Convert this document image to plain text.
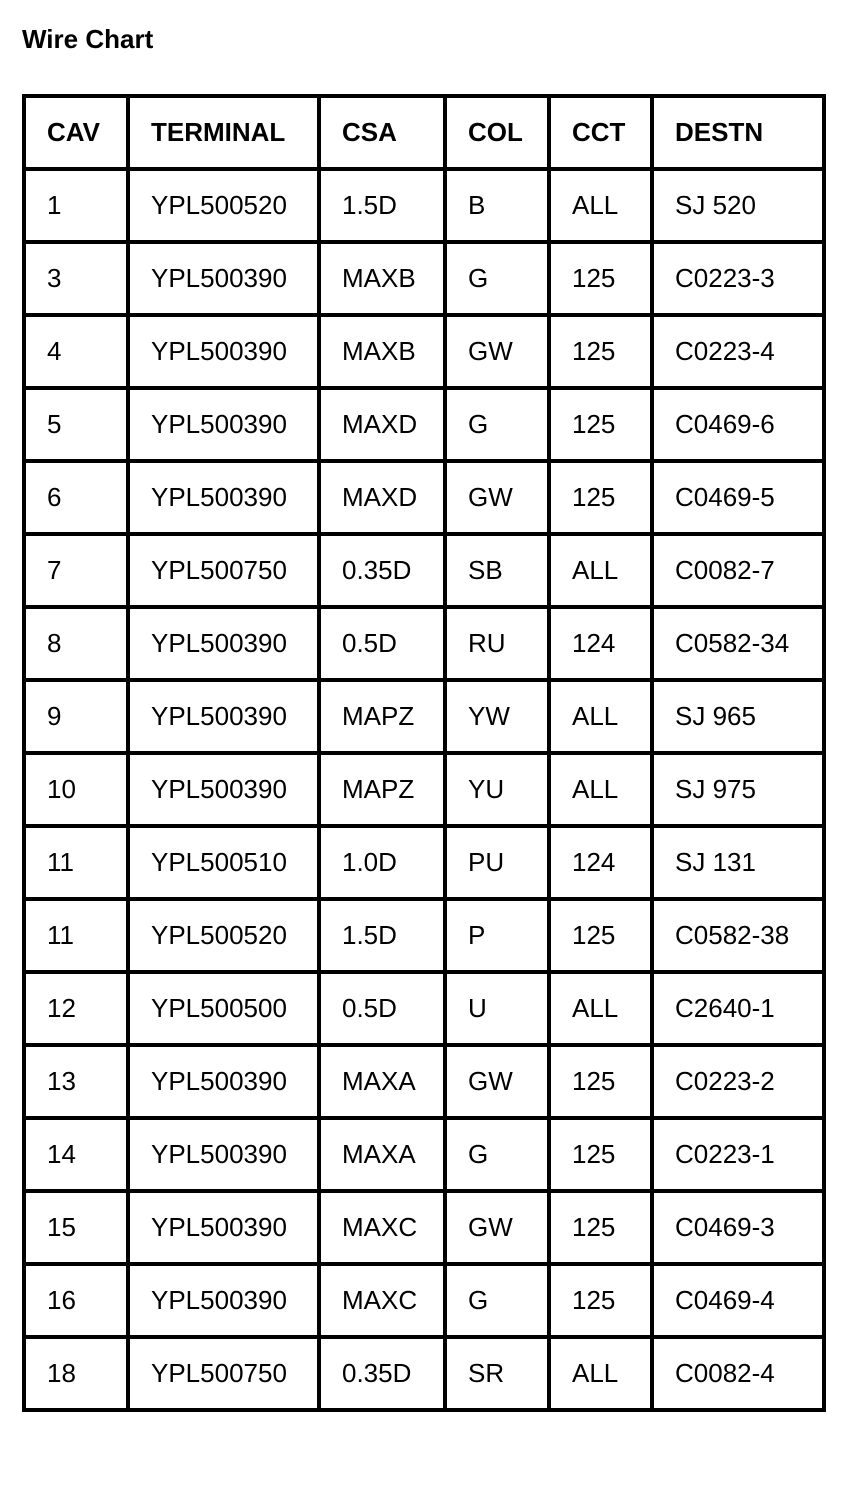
Wire Chart
CAV	TERMINAL	CSA	COL	CCT	DESTN
1	YPL500520	1.5D	B	ALL	SJ 520
3	YPL500390	MAXB	G	125	C0223-3
4	YPL500390	MAXB	GW	125	C0223-4
5	YPL500390	MAXD	G	125	C0469-6
6	YPL500390	MAXD	GW	125	C0469-5
7	YPL500750	0.35D	SB	ALL	C0082-7
8	YPL500390	0.5D	RU	124	C0582-34
9	YPL500390	MAPZ	YW	ALL	SJ 965
10	YPL500390	MAPZ	YU	ALL	SJ 975
11	YPL500510	1.0D	PU	124	SJ 131
11	YPL500520	1.5D	P	125	C0582-38
12	YPL500500	0.5D	U	ALL	C2640-1
13	YPL500390	MAXA	GW	125	C0223-2
14	YPL500390	MAXA	G	125	C0223-1
15	YPL500390	MAXC	GW	125	C0469-3
16	YPL500390	MAXC	G	125	C0469-4
18	YPL500750	0.35D	SR	ALL	C0082-4
